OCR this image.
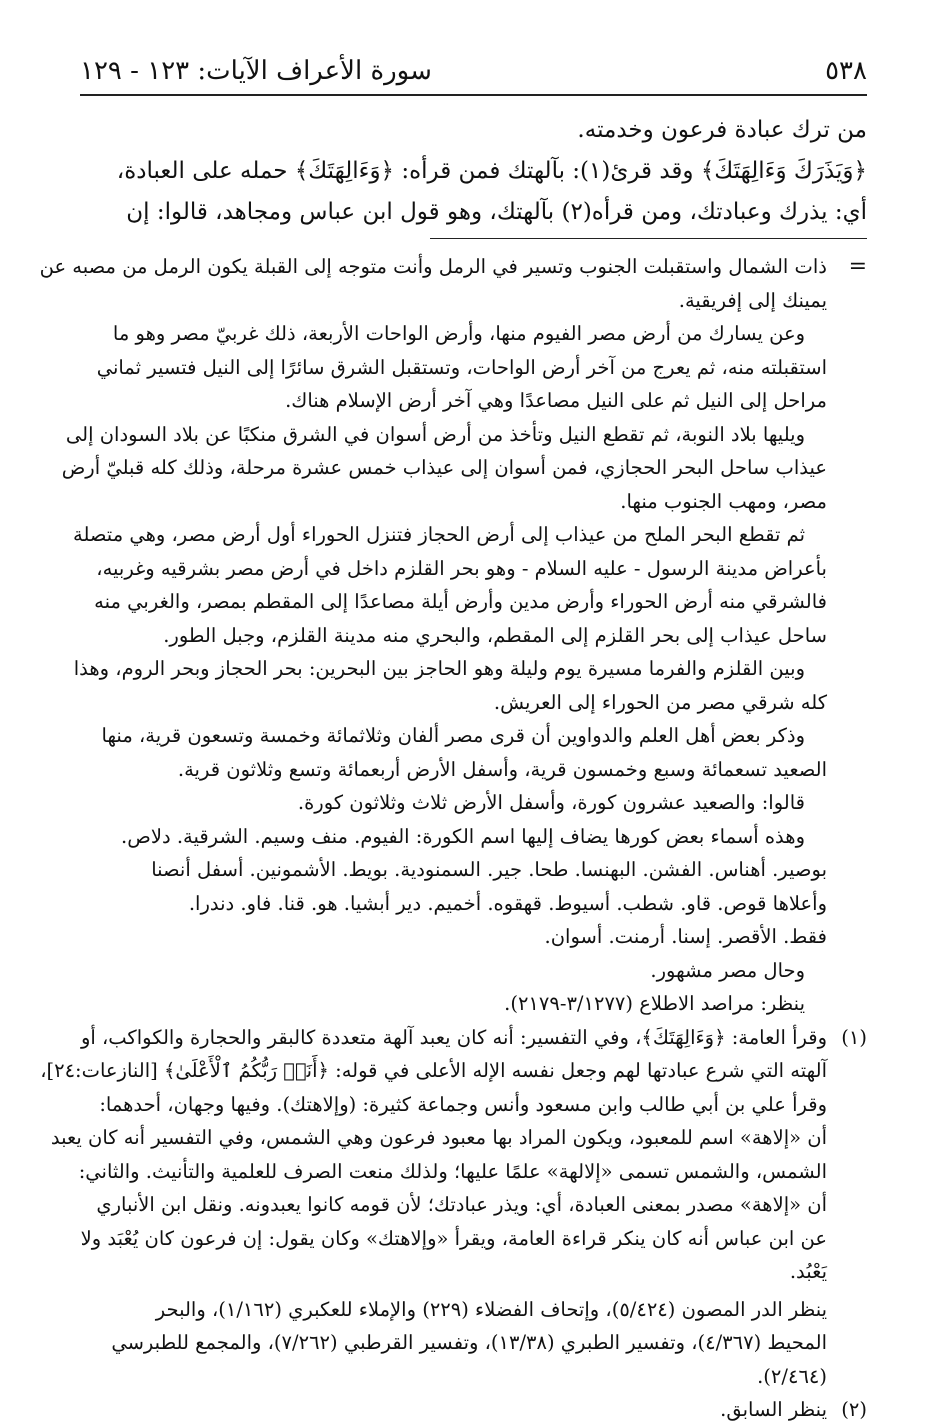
٥٣٨
سورة الأعراف الآيات: ١٢٣ - ١٢٩
من ترك عبادة فرعون وخدمته.
﴿وَيَذَرَكَ وَءَالِهَتَكَ﴾ وقد قرئ(١): بآلهتك فمن قرأه: ﴿وَءَالِهَتَكَ﴾ حمله على العبادة،
أي: يذرك وعبادتك، ومن قرأه(٢) بآلهتك، وهو قول ابن عباس ومجاهد، قالوا: إن
=
ذات الشمال واستقبلت الجنوب وتسير في الرمل وأنت متوجه إلى القبلة يكون الرمل من مصبه عن
يمينك إلى إفريقية.
وعن يسارك من أرض مصر الفيوم منها، وأرض الواحات الأربعة، ذلك غربيّ مصر وهو ما
استقبلته منه، ثم يعرج من آخر أرض الواحات، وتستقبل الشرق سائرًا إلى النيل فتسير ثماني
مراحل إلى النيل ثم على النيل مصاعدًا وهي آخر أرض الإسلام هناك.
ويليها بلاد النوبة، ثم تقطع النيل وتأخذ من أرض أسوان في الشرق منكبًا عن بلاد السودان إلى
عيذاب ساحل البحر الحجازي، فمن أسوان إلى عيذاب خمس عشرة مرحلة، وذلك كله قبليّ أرض
مصر، ومهب الجنوب منها.
ثم تقطع البحر الملح من عيذاب إلى أرض الحجاز فتنزل الحوراء أول أرض مصر، وهي متصلة
بأعراض مدينة الرسول - عليه السلام - وهو بحر القلزم داخل في أرض مصر بشرقيه وغربيه،
فالشرقي منه أرض الحوراء وأرض مدين وأرض أيلة مصاعدًا إلى المقطم بمصر، والغربي منه
ساحل عيذاب إلى بحر القلزم إلى المقطم، والبحري منه مدينة القلزم، وجبل الطور.
وبين القلزم والفرما مسيرة يوم وليلة وهو الحاجز بين البحرين: بحر الحجاز وبحر الروم، وهذا
كله شرقي مصر من الحوراء إلى العريش.
وذكر بعض أهل العلم والدواوين أن قرى مصر ألفان وثلاثمائة وخمسة وتسعون قرية، منها
الصعيد تسعمائة وسبع وخمسون قرية، وأسفل الأرض أربعمائة وتسع وثلاثون قرية.
قالوا: والصعيد عشرون كورة، وأسفل الأرض ثلاث وثلاثون كورة.
وهذه أسماء بعض كورها يضاف إليها اسم الكورة: الفيوم. منف وسيم. الشرقية. دلاص.
بوصير. أهناس. الفشن. البهنسا. طحا. جير. السمنودية. بويط. الأشمونين. أسفل أنصنا
وأعلاها قوص. قاو. شطب. أسيوط. قهقوه. أخميم. دير أبشيا. هو. قنا. فاو. دندرا.
فقط. الأقصر. إسنا. أرمنت. أسوان.
وحال مصر مشهور.
ينظر: مراصد الاطلاع (٣/١٢٧٧-٢١٧٩).
(١)
وقرأ العامة: ﴿وَءَالِهَتَكَ﴾، وفي التفسير: أنه كان يعبد آلهة متعددة كالبقر والحجارة والكواكب، أو
آلهته التي شرع عبادتها لهم وجعل نفسه الإله الأعلى في قوله: ﴿أَنَا۠ رَبُّكُمُ ٱلْأَعْلَىٰ﴾ [النازعات:٢٤]،
وقرأ علي بن أبي طالب وابن مسعود وأنس وجماعة كثيرة: (وإلاهتك). وفيها وجهان، أحدهما:
أن «إلاهة» اسم للمعبود، ويكون المراد بها معبود فرعون وهي الشمس، وفي التفسير أنه كان يعبد
الشمس، والشمس تسمى «إلالهة» علمًا عليها؛ ولذلك منعت الصرف للعلمية والتأنيث. والثاني:
أن «إلاهة» مصدر بمعنى العبادة، أي: ويذر عبادتك؛ لأن قومه كانوا يعبدونه. ونقل ابن الأنباري
عن ابن عباس أنه كان ينكر قراءة العامة، ويقرأ «وإلاهتك» وكان يقول: إن فرعون كان يُعْبَد ولا
يَعْبُد.
ينظر الدر المصون (٥/٤٢٤)، وإتحاف الفضلاء (٢٢٩) والإملاء للعكبري (١/١٦٢)، والبحر
المحيط (٤/٣٦٧)، وتفسير الطبري (١٣/٣٨)، وتفسير القرطبي (٧/٢٦٢)، والمجمع للطبرسي
(٢/٤٦٤).
(٢)
ينظر السابق.
